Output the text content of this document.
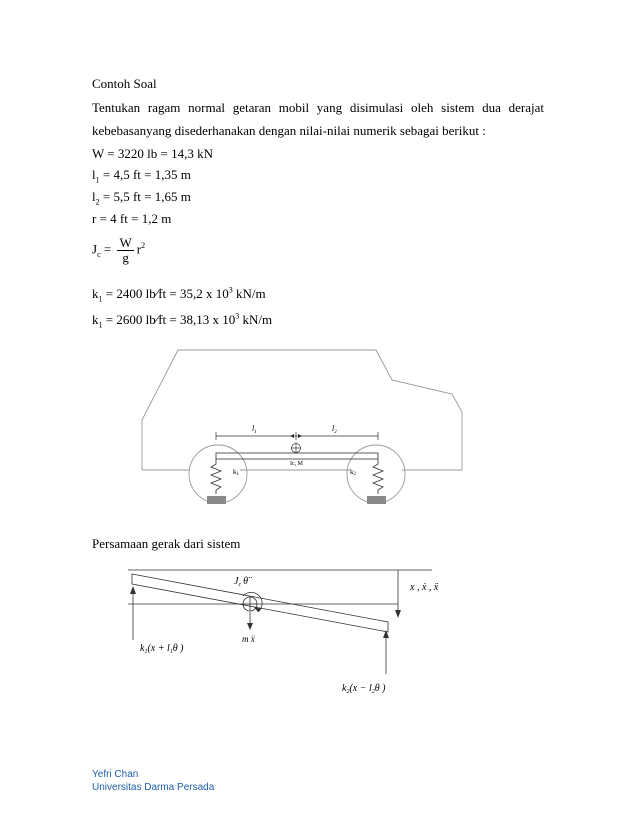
Contoh Soal
Tentukan ragam normal getaran mobil yang disimulasi oleh sistem dua derajat
kebebasanyang disederhanakan dengan nilai-nilai numerik sebagai berikut :
W = 3220 lb = 14,3 kN
$l_1 = 4,5$ ft = 1,35 m
$l_2 = 5,5$ ft = 1,65 m
r = 4 ft = 1,2 m
$J_c = \frac{W}{g} r^2$
$k_1 = 2400$ lb⁄ft = 35,2 x $10^3$ kN/m
$k_1 = 2600$ lb⁄ft = 38,13 x $10^3$ kN/m
$l_1$	$l_2$
Ic, M
k1	k2
Persamaan gerak dari sistem
$J_c$ θ̈
m ẍ
x , ẋ , ẍ
$k_1(x + l_1\theta$ )
$k_2(x - l_2\theta$ )
Yefri Chan
Universitas Darma Persada
